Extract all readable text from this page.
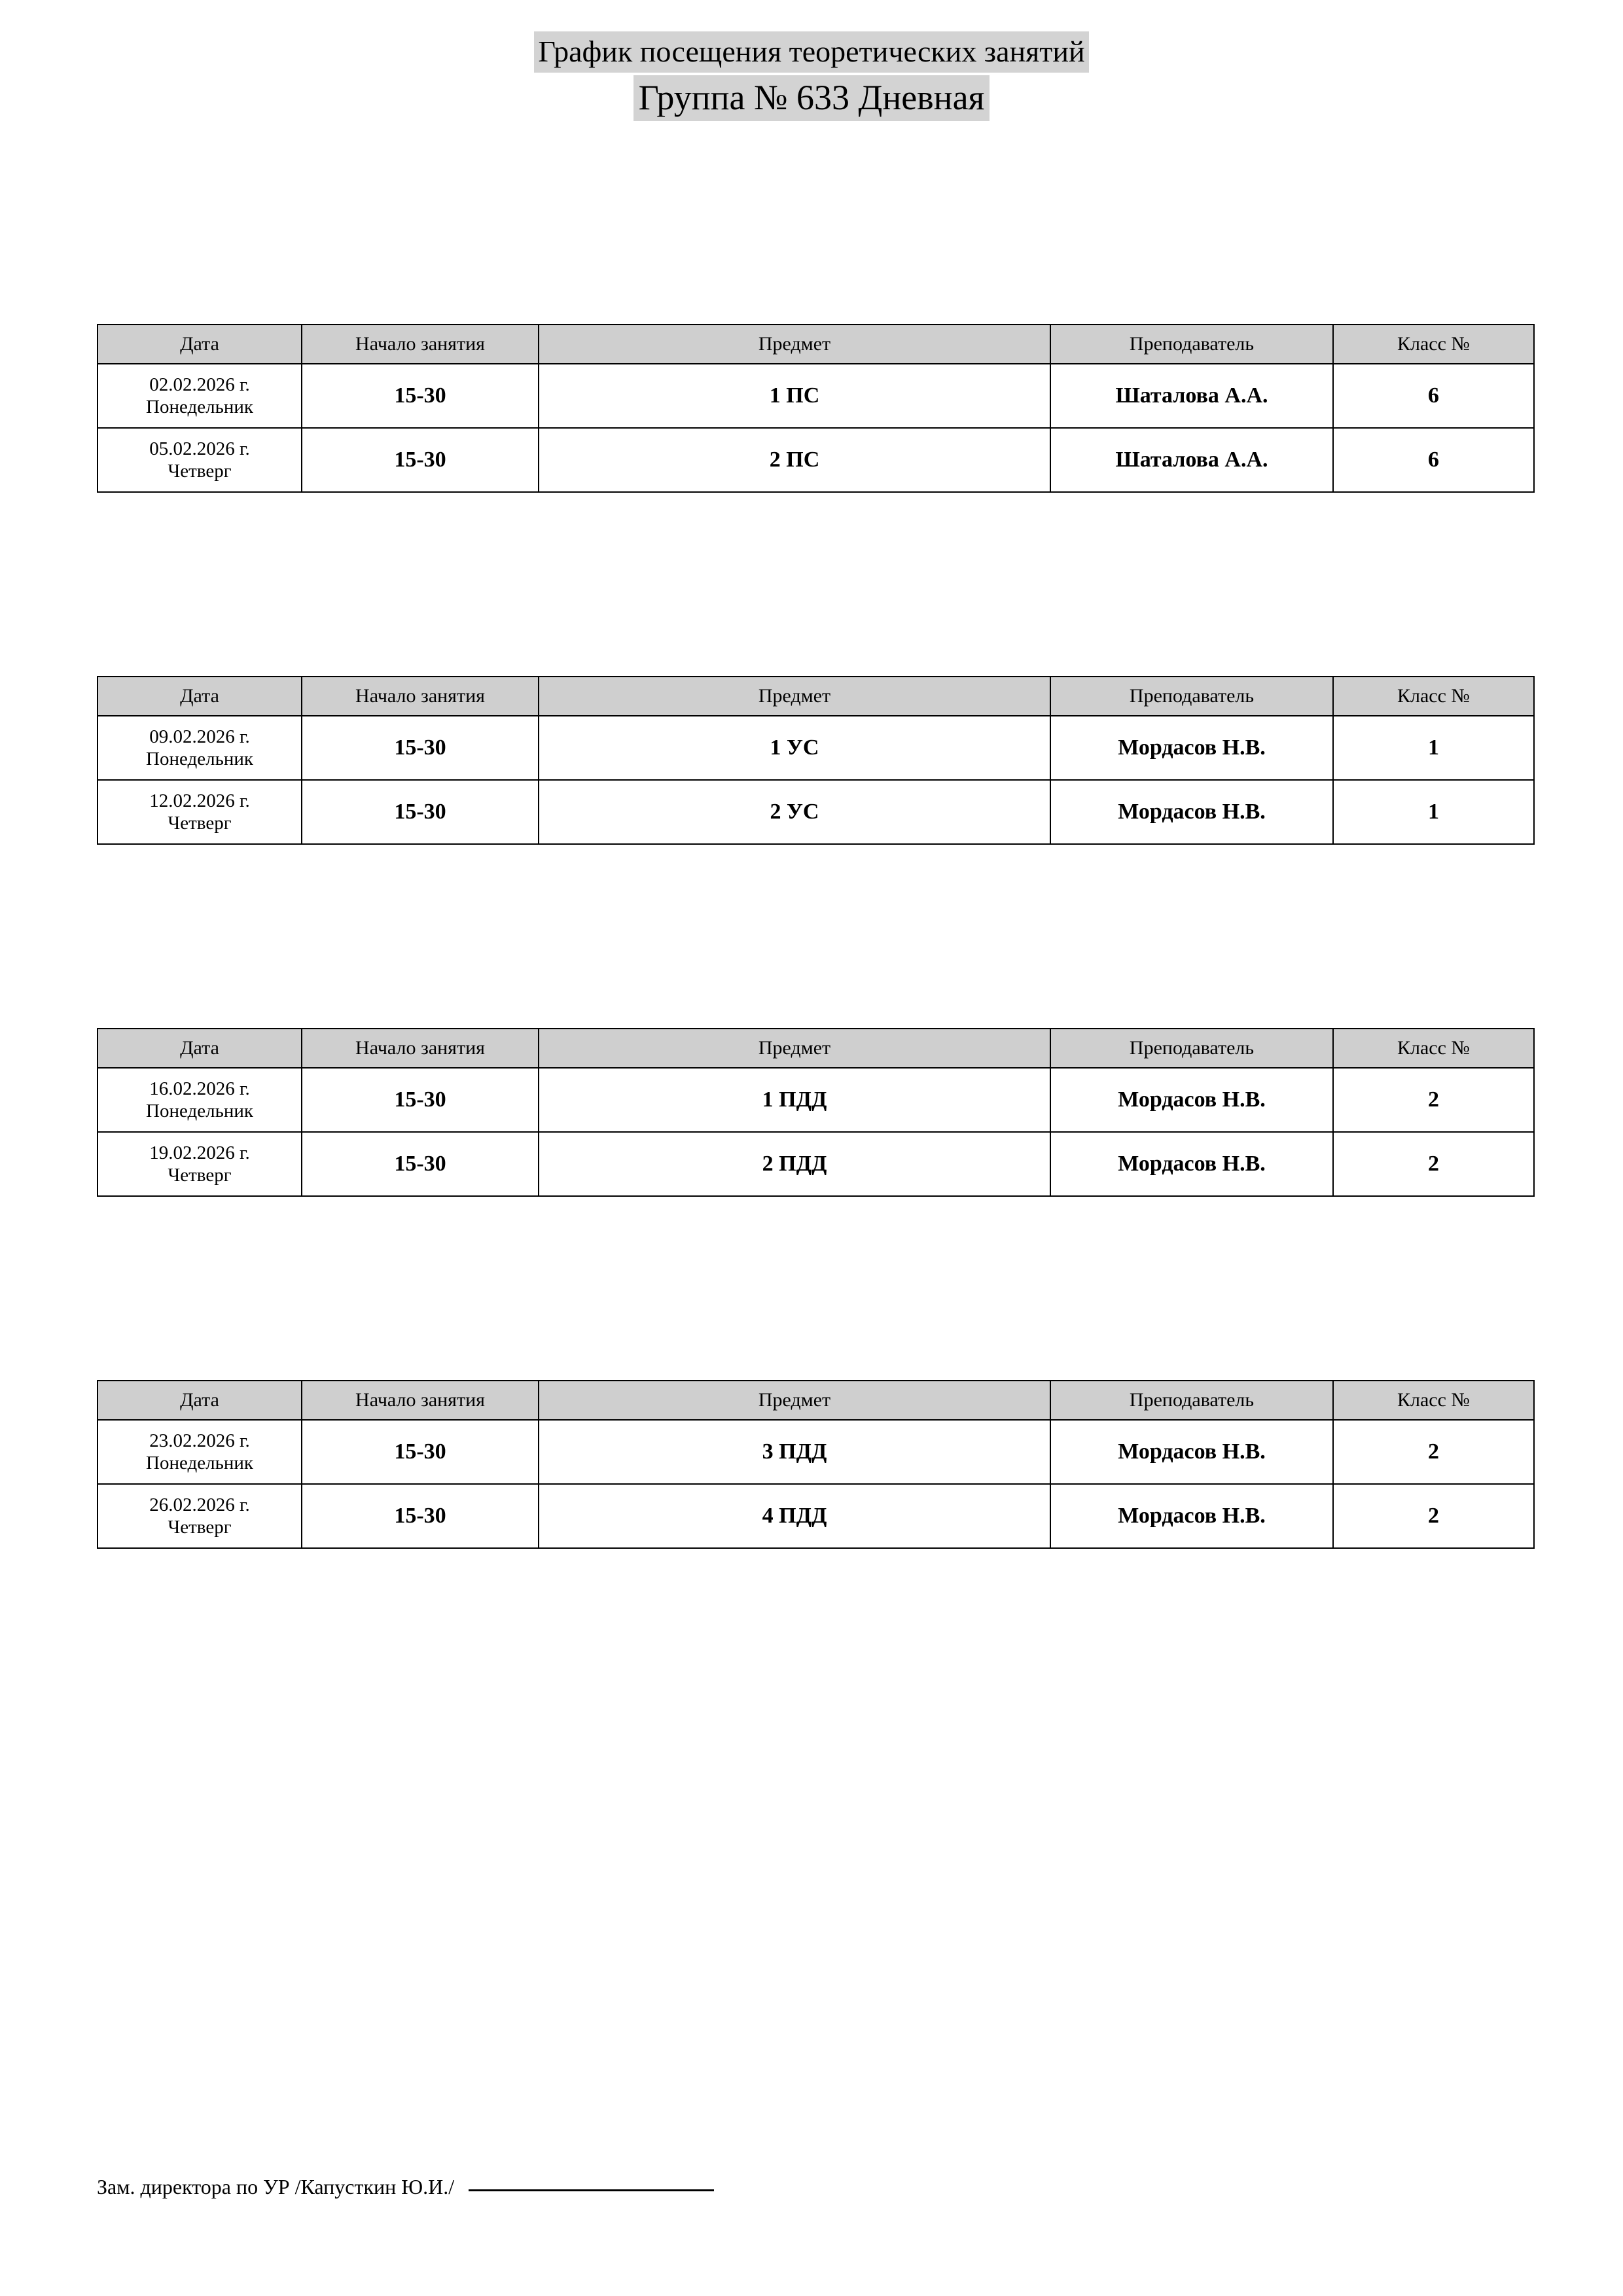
График посещения теоретических занятий
Группа № 633 Дневная
Дата	Начало занятия	Предмет	Преподаватель	Класс №

02.02.2026 г.
Понедельник	15-30	1 ПС	Шаталова А.А.	6

05.02.2026 г.
Четверг	15-30	2 ПС	Шаталова А.А.	6
Дата	Начало занятия	Предмет	Преподаватель	Класс №

09.02.2026 г.
Понедельник	15-30	1 УС	Мордасов Н.В.	1

12.02.2026 г.
Четверг	15-30	2 УС	Мордасов Н.В.	1
Дата	Начало занятия	Предмет	Преподаватель	Класс №

16.02.2026 г.
Понедельник	15-30	1 ПДД	Мордасов Н.В.	2

19.02.2026 г.
Четверг	15-30	2 ПДД	Мордасов Н.В.	2
Дата	Начало занятия	Предмет	Преподаватель	Класс №

23.02.2026 г.
Понедельник	15-30	3 ПДД	Мордасов Н.В.	2

26.02.2026 г.
Четверг	15-30	4 ПДД	Мордасов Н.В.	2
Зам. директора по УР /Капусткин Ю.И./
